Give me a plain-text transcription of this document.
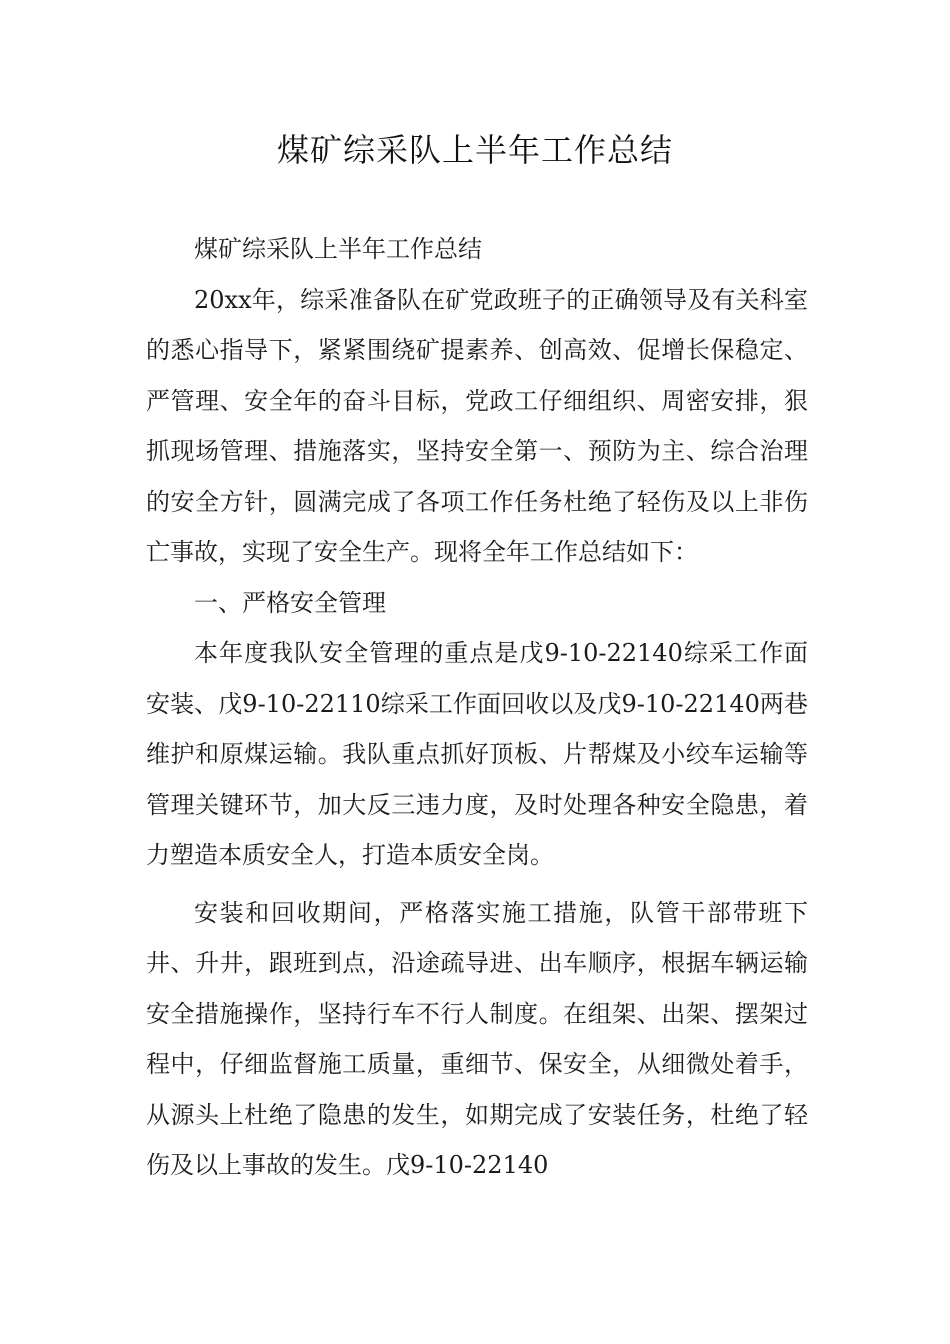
煤矿综采队上半年工作总结

煤矿综采队上半年工作总结

20xx年，综采准备队在矿党政班子的正确领导及有关科室的悉心指导下，紧紧围绕矿提素养、创高效、促增长保稳定、严管理、安全年的奋斗目标，党政工仔细组织、周密安排，狠抓现场管理、措施落实，坚持安全第一、预防为主、综合治理的安全方针，圆满完成了各项工作任务杜绝了轻伤及以上非伤亡事故，实现了安全生产。现将全年工作总结如下：

一、严格安全管理

本年度我队安全管理的重点是戊9-10-22140综采工作面安装、戊9-10-22110综采工作面回收以及戊9-10-22140两巷维护和原煤运输。我队重点抓好顶板、片帮煤及小绞车运输等管理关键环节，加大反三违力度，及时处理各种安全隐患，着力塑造本质安全人，打造本质安全岗。

安装和回收期间，严格落实施工措施，队管干部带班下井、升井，跟班到点，沿途疏导进、出车顺序，根据车辆运输安全措施操作，坚持行车不行人制度。在组架、出架、摆架过程中，仔细监督施工质量，重细节、保安全，从细微处着手，从源头上杜绝了隐患的发生，如期完成了安装任务，杜绝了轻伤及以上事故的发生。戊9-10-22140
